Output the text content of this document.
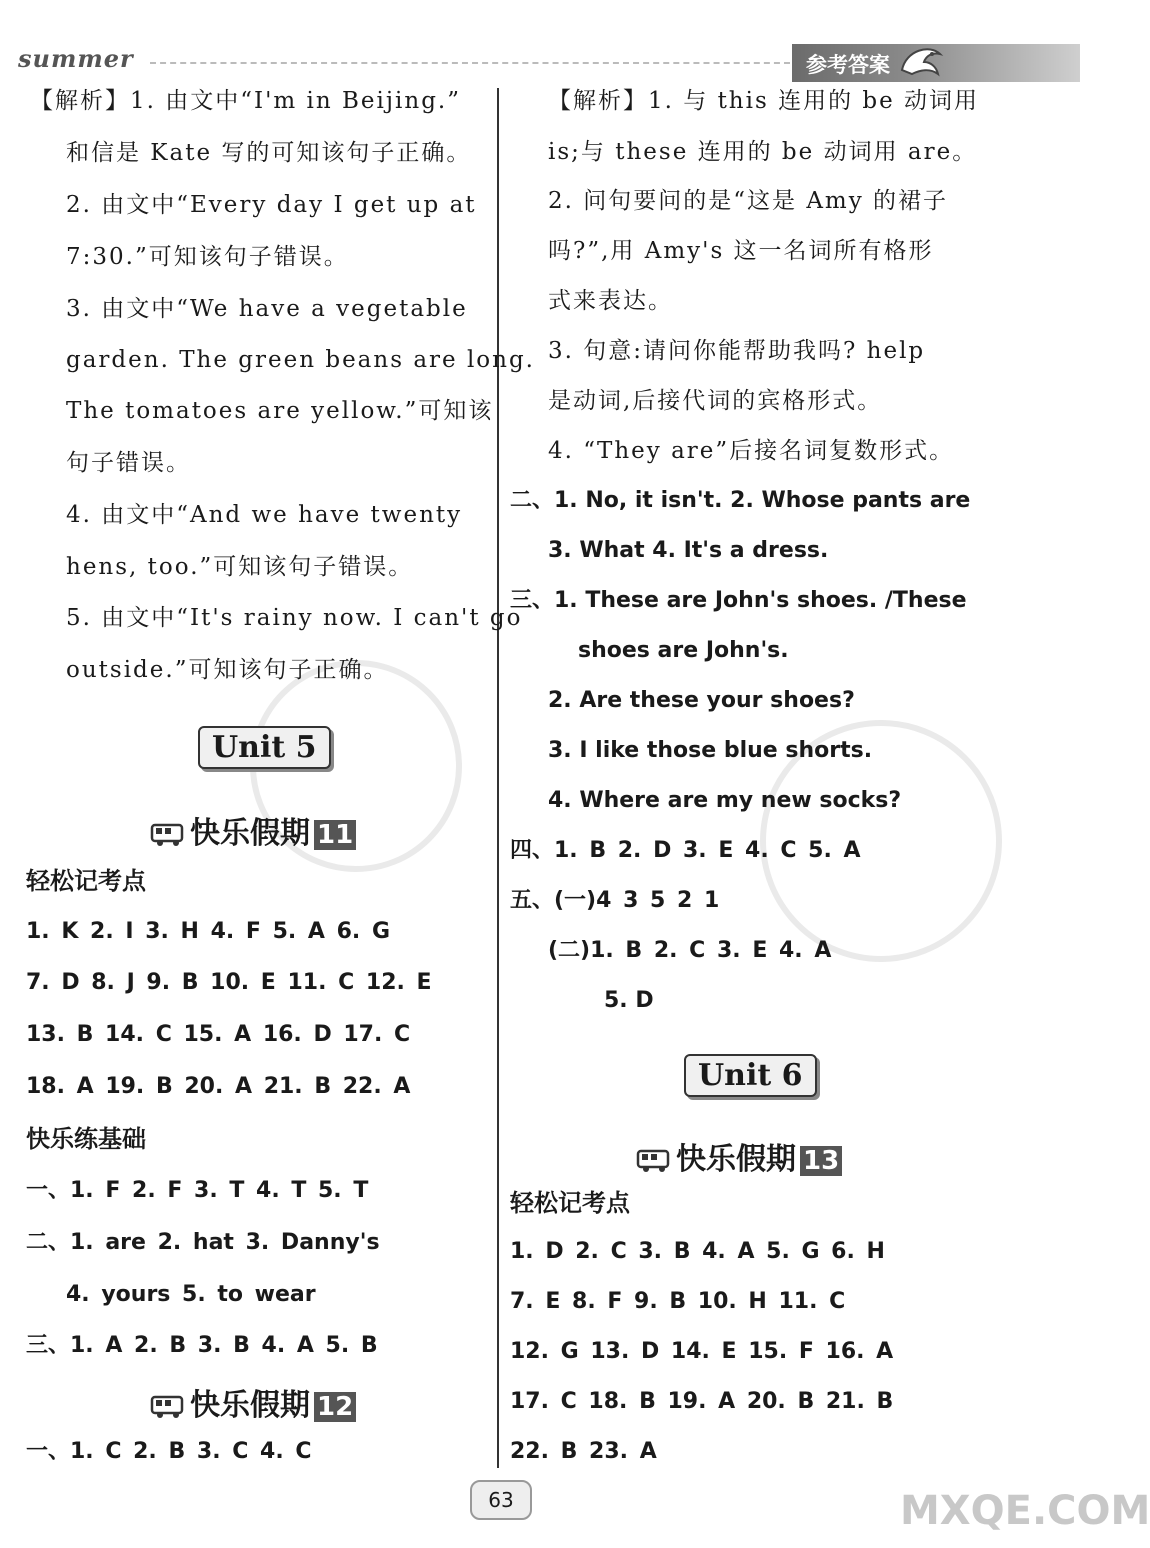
summer	参考答案
【解析】1. 由文中“I'm in Beijing.”
和信是 Kate 写的可知该句子正确。
2. 由文中“Every day I get up at
7:30.”可知该句子错误。
3. 由文中“We have a vegetable
garden. The green beans are long.
The tomatoes are yellow.”可知该
句子错误。
4. 由文中“And we have twenty
hens, too.”可知该句子错误。
5. 由文中“It's rainy now. I can't go
outside.”可知该句子正确。
Unit 5
快乐假期 11
轻松记考点
1. K 2. I 3. H 4. F 5. A 6. G
7. D 8. J 9. B 10. E 11. C 12. E
13. B 14. C 15. A 16. D 17. C
18. A 19. B 20. A 21. B 22. A
快乐练基础
一、1. F 2. F 3. T 4. T 5. T
二、1. are 2. hat 3. Danny's
4. yours 5. to wear
三、1. A 2. B 3. B 4. A 5. B
快乐假期 12
一、1. C 2. B 3. C 4. C
【解析】1. 与 this 连用的 be 动词用
is;与 these 连用的 be 动词用 are。
2. 问句要问的是“这是 Amy 的裙子
吗?”,用 Amy's 这一名词所有格形
式来表达。
3. 句意:请问你能帮助我吗? help
是动词,后接代词的宾格形式。
4. “They are”后接名词复数形式。
二、1. No, it isn't. 2. Whose pants are
3. What 4. It's a dress.
三、1. These are John's shoes. /These
shoes are John's.
2. Are these your shoes?
3. I like those blue shorts.
4. Where are my new socks?
四、1. B 2. D 3. E 4. C 5. A
五、(一)4 3 5 2 1
(二)1. B 2. C 3. E 4. A
5. D
Unit 6
快乐假期 13
轻松记考点
1. D 2. C 3. B 4. A 5. G 6. H
7. E 8. F 9. B 10. H 11. C
12. G 13. D 14. E 15. F 16. A
17. C 18. B 19. A 20. B 21. B
22. B 23. A
63	MXQE.COM
